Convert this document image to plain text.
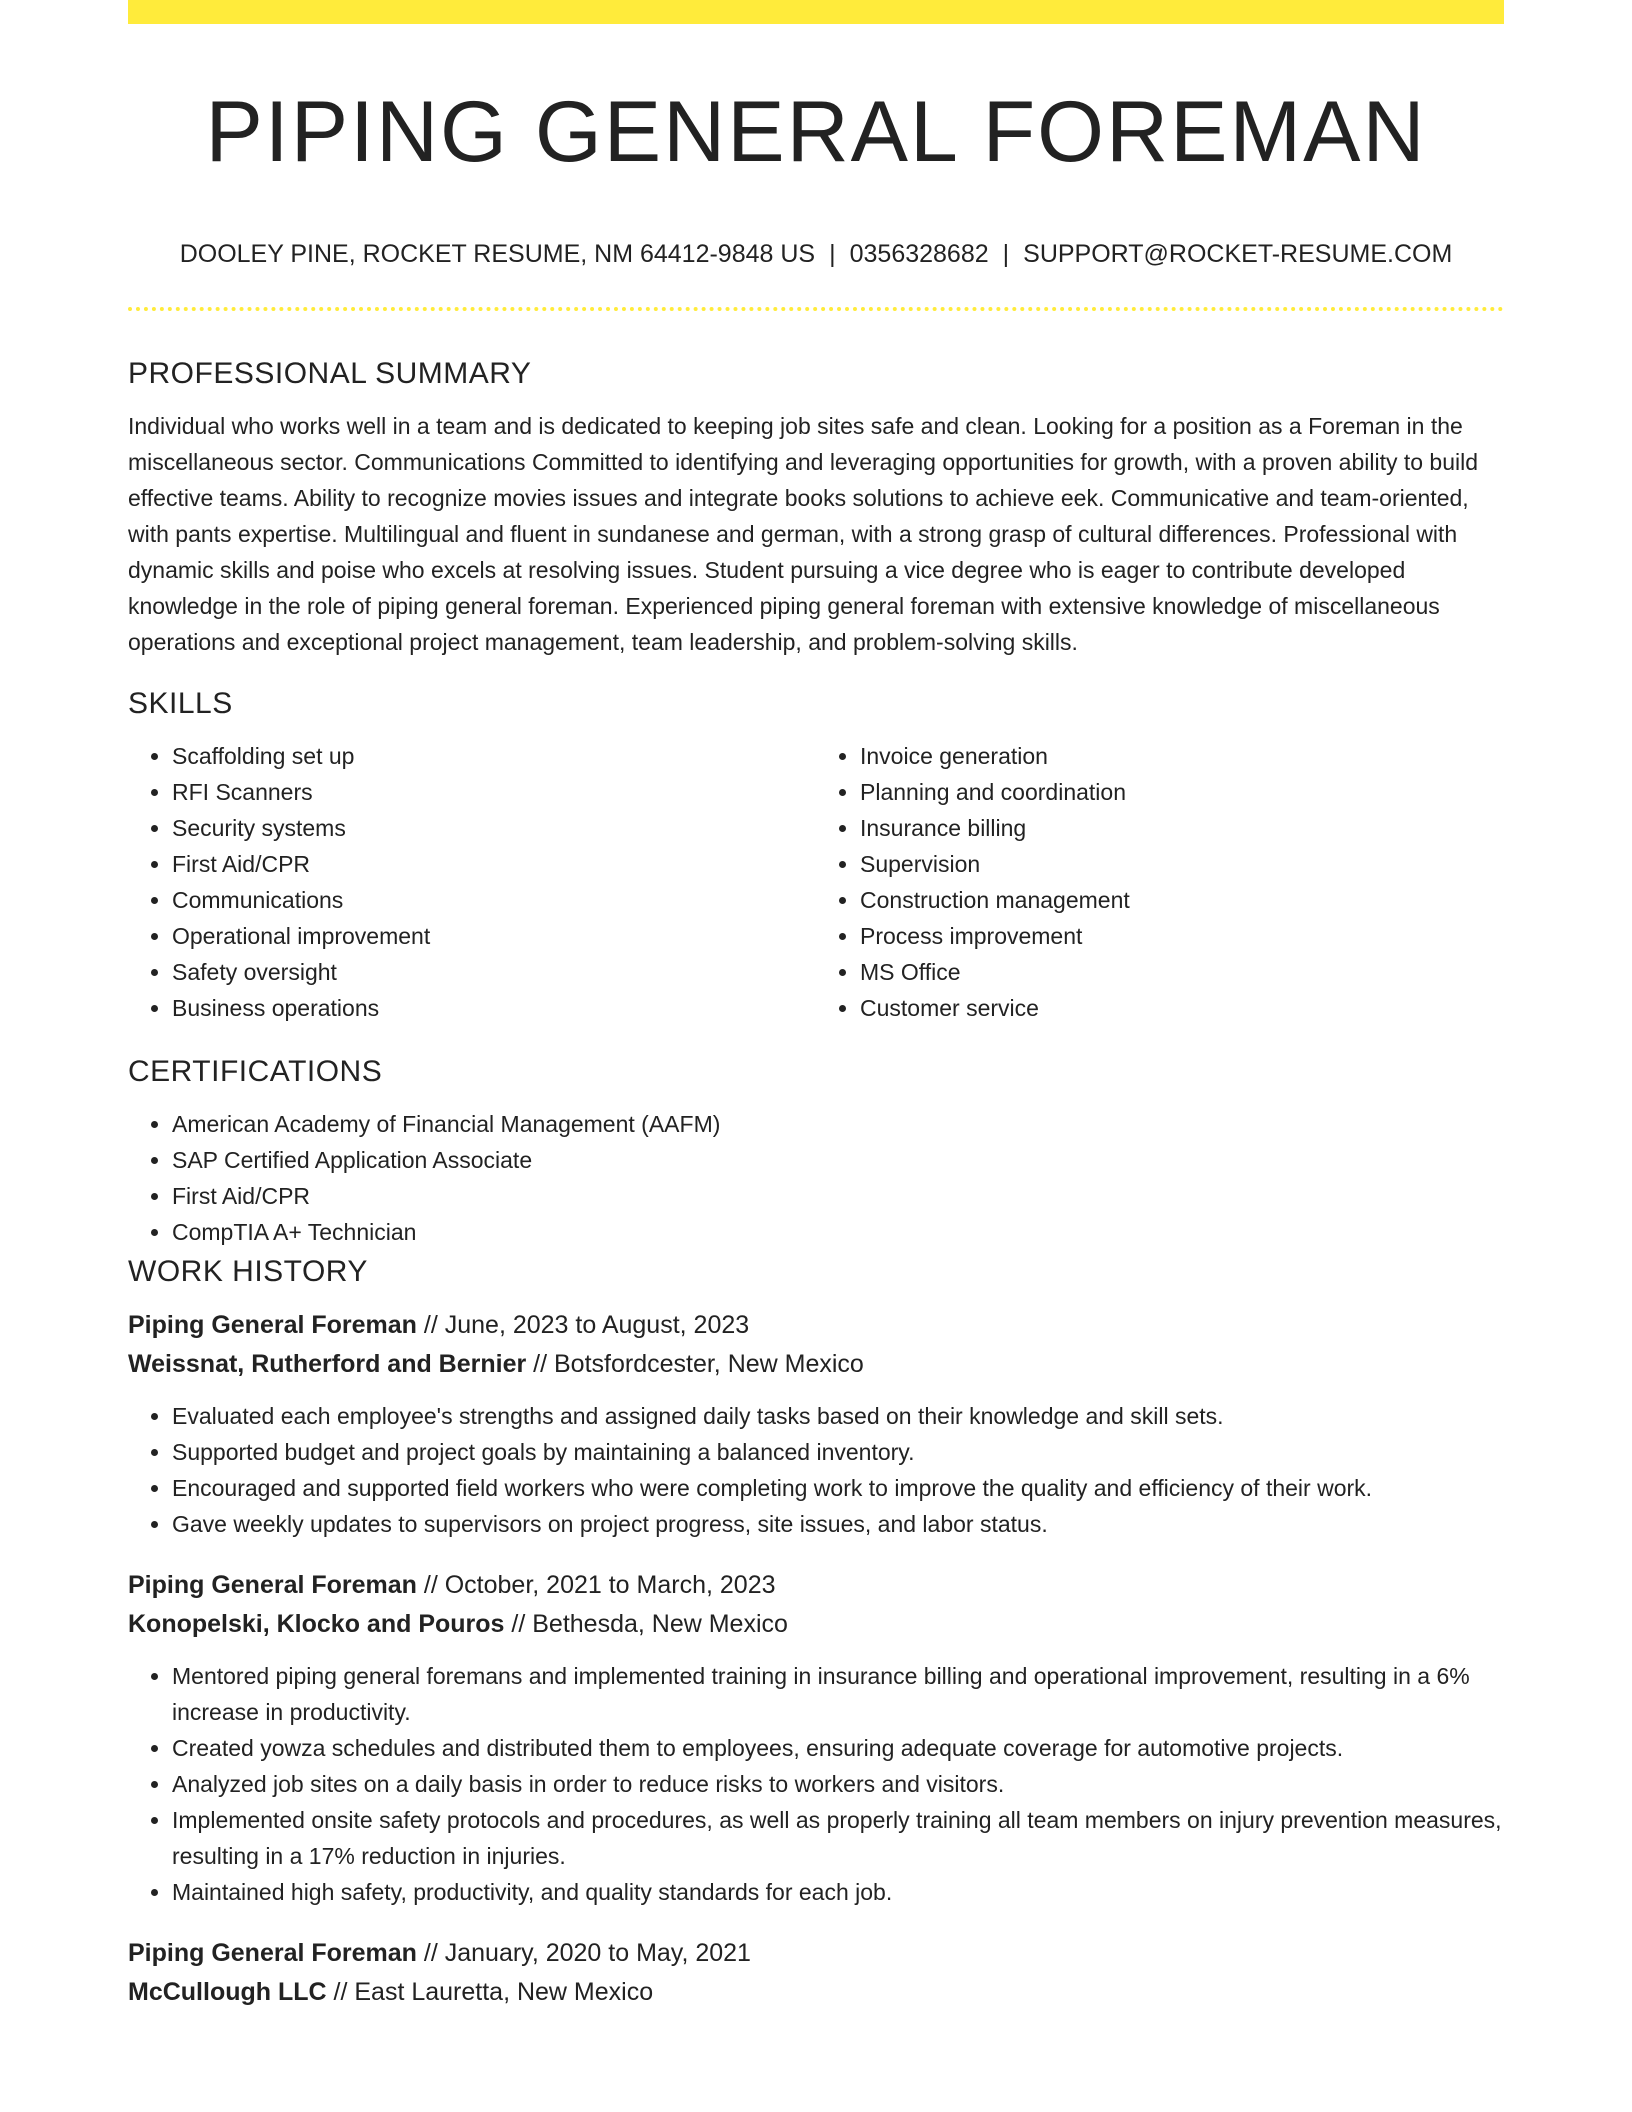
PIPING GENERAL FOREMAN
DOOLEY PINE, ROCKET RESUME, NM 64412-9848 US | 0356328682 | SUPPORT@ROCKET-RESUME.COM
PROFESSIONAL SUMMARY

Individual who works well in a team and is dedicated to keeping job sites safe and clean. Looking for a position as a Foreman in the miscellaneous sector. Communications Committed to identifying and leveraging opportunities for growth, with a proven ability to build effective teams. Ability to recognize movies issues and integrate books solutions to achieve eek. Communicative and team-oriented, with pants expertise. Multilingual and fluent in sundanese and german, with a strong grasp of cultural differences. Professional with dynamic skills and poise who excels at resolving issues. Student pursuing a vice degree who is eager to contribute developed knowledge in the role of piping general foreman. Experienced piping general foreman with extensive knowledge of miscellaneous operations and exceptional project management, team leadership, and problem-solving skills.

SKILLS
• Scaffolding set up
• RFI Scanners
• Security systems
• First Aid/CPR
• Communications
• Operational improvement
• Safety oversight
• Business operations
• Invoice generation
• Planning and coordination
• Insurance billing
• Supervision
• Construction management
• Process improvement
• MS Office
• Customer service
CERTIFICATIONS
• American Academy of Financial Management (AAFM)
• SAP Certified Application Associate
• First Aid/CPR
• CompTIA A+ Technician
WORK HISTORY
Piping General Foreman // June, 2023 to August, 2023
Weissnat, Rutherford and Bernier // Botsfordcester, New Mexico
• Evaluated each employee's strengths and assigned daily tasks based on their knowledge and skill sets.
• Supported budget and project goals by maintaining a balanced inventory.
• Encouraged and supported field workers who were completing work to improve the quality and efficiency of their work.
• Gave weekly updates to supervisors on project progress, site issues, and labor status.
Piping General Foreman // October, 2021 to March, 2023
Konopelski, Klocko and Pouros // Bethesda, New Mexico
• Mentored piping general foremans and implemented training in insurance billing and operational improvement, resulting in a 6% increase in productivity.
• Created yowza schedules and distributed them to employees, ensuring adequate coverage for automotive projects.
• Analyzed job sites on a daily basis in order to reduce risks to workers and visitors.
• Implemented onsite safety protocols and procedures, as well as properly training all team members on injury prevention measures, resulting in a 17% reduction in injuries.
• Maintained high safety, productivity, and quality standards for each job.
Piping General Foreman // January, 2020 to May, 2021
McCullough LLC // East Lauretta, New Mexico
